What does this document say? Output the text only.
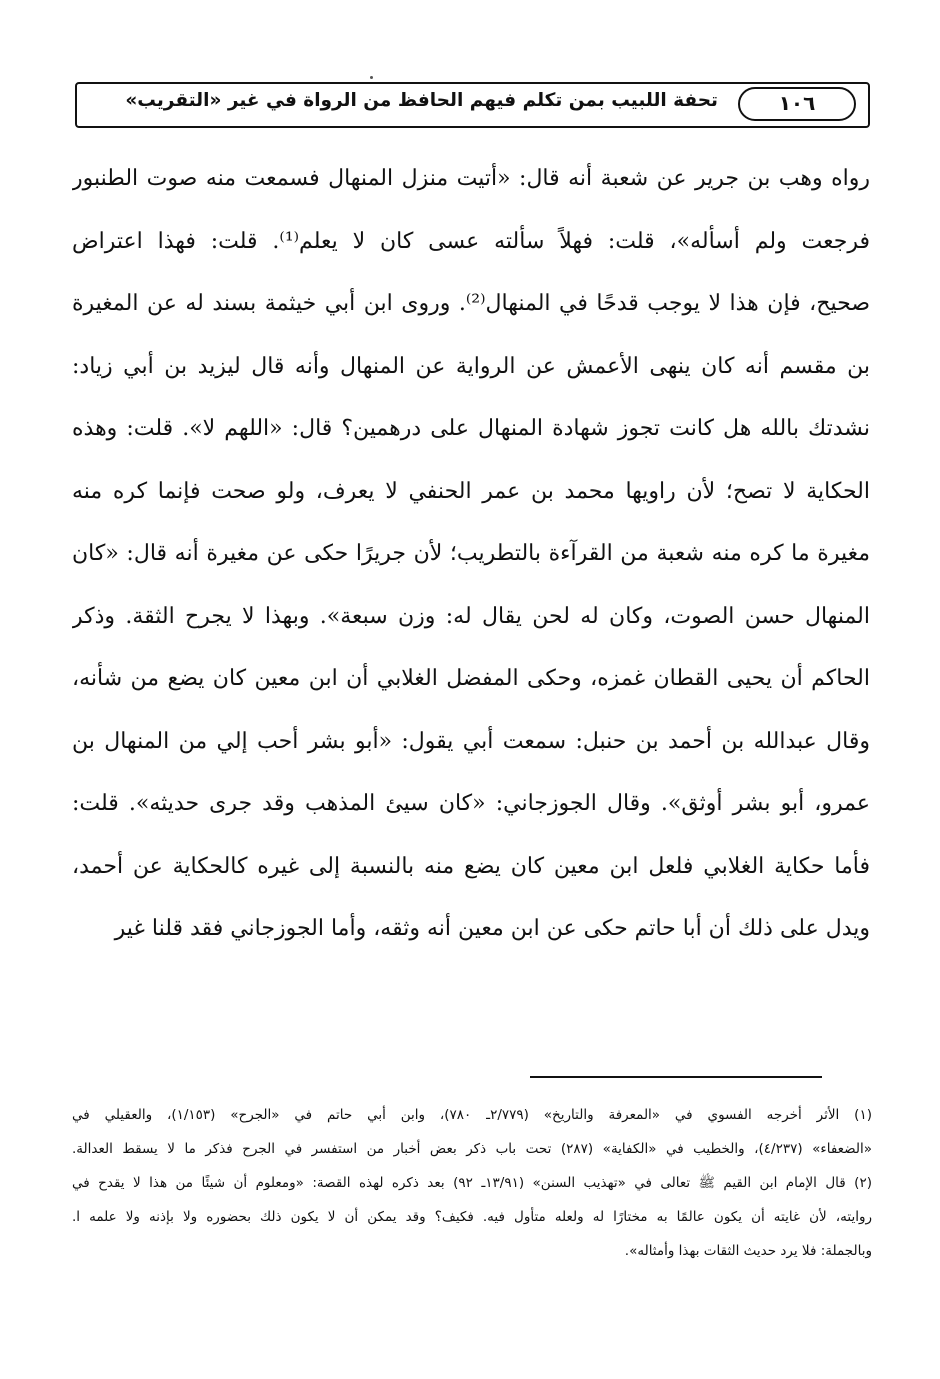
تحفة اللبيب بمن تكلم فيهم الحافظ من الرواة في غير «التقريب»	١٠٦
رواه وهب بن جرير عن شعبة أنه قال: «أتيت منزل المنهال فسمعت منه صوت الطنبور
فرجعت ولم أسأله»، قلت: فهلاً سألته عسى كان لا يعلم⁽¹⁾. قلت: فهذا اعتراض
صحيح، فإن هذا لا يوجب قدحًا في المنهال⁽²⁾. وروى ابن أبي خيثمة بسند له عن المغيرة
بن مقسم أنه كان ينهى الأعمش عن الرواية عن المنهال وأنه قال ليزيد بن أبي زياد:
نشدتك بالله هل كانت تجوز شهادة المنهال على درهمين؟ قال: «اللهم لا». قلت: وهذه
الحكاية لا تصح؛ لأن راويها محمد بن عمر الحنفي لا يعرف، ولو صحت فإنما كره منه
مغيرة ما كره منه شعبة من القرآءة بالتطريب؛ لأن جريرًا حكى عن مغيرة أنه قال: «كان
المنهال حسن الصوت، وكان له لحن يقال له: وزن سبعة». وبهذا لا يجرح الثقة. وذكر
الحاكم أن يحيى القطان غمزه، وحكى المفضل الغلابي أن ابن معين كان يضع من شأنه،
وقال عبدالله بن أحمد بن حنبل: سمعت أبي يقول: «أبو بشر أحب إلي من المنهال بن
عمرو، أبو بشر أوثق». وقال الجوزجاني: «كان سيئ المذهب وقد جرى حديثه». قلت:
فأما حكاية الغلابي فلعل ابن معين كان يضع منه بالنسبة إلى غيره كالحكاية عن أحمد،
ويدل على ذلك أن أبا حاتم حكى عن ابن معين أنه وثقه، وأما الجوزجاني فقد قلنا غير
(١) الأثر أخرجه الفسوي في «المعرفة والتاريخ» (٢/٧٧٩ـ ٧٨٠)، وابن أبي حاتم في «الجرح» (١/١٥٣)، والعقيلي في
«الضعفاء» (٤/٢٣٧)، والخطيب في «الكفاية» (٢٨٧) تحت باب ذكر بعض أخبار من استفسر في الجرح فذكر ما لا يسقط العدالة.
(٢) قال الإمام ابن القيم ﷺ تعالى في «تهذيب السنن» (١٣/٩١ـ ٩٢) بعد ذكره لهذه القصة: «ومعلوم أن شيئًا من هذا لا يقدح في
روايته، لأن غايته أن يكون عالمًا به مختارًا له ولعله متأول فيه. فكيف؟ وقد يمكن أن لا يكون ذلك بحضوره ولا بإذنه ولا علمه ا.
وبالجملة: فلا يرد حديث الثقات بهذا وأمثاله».
